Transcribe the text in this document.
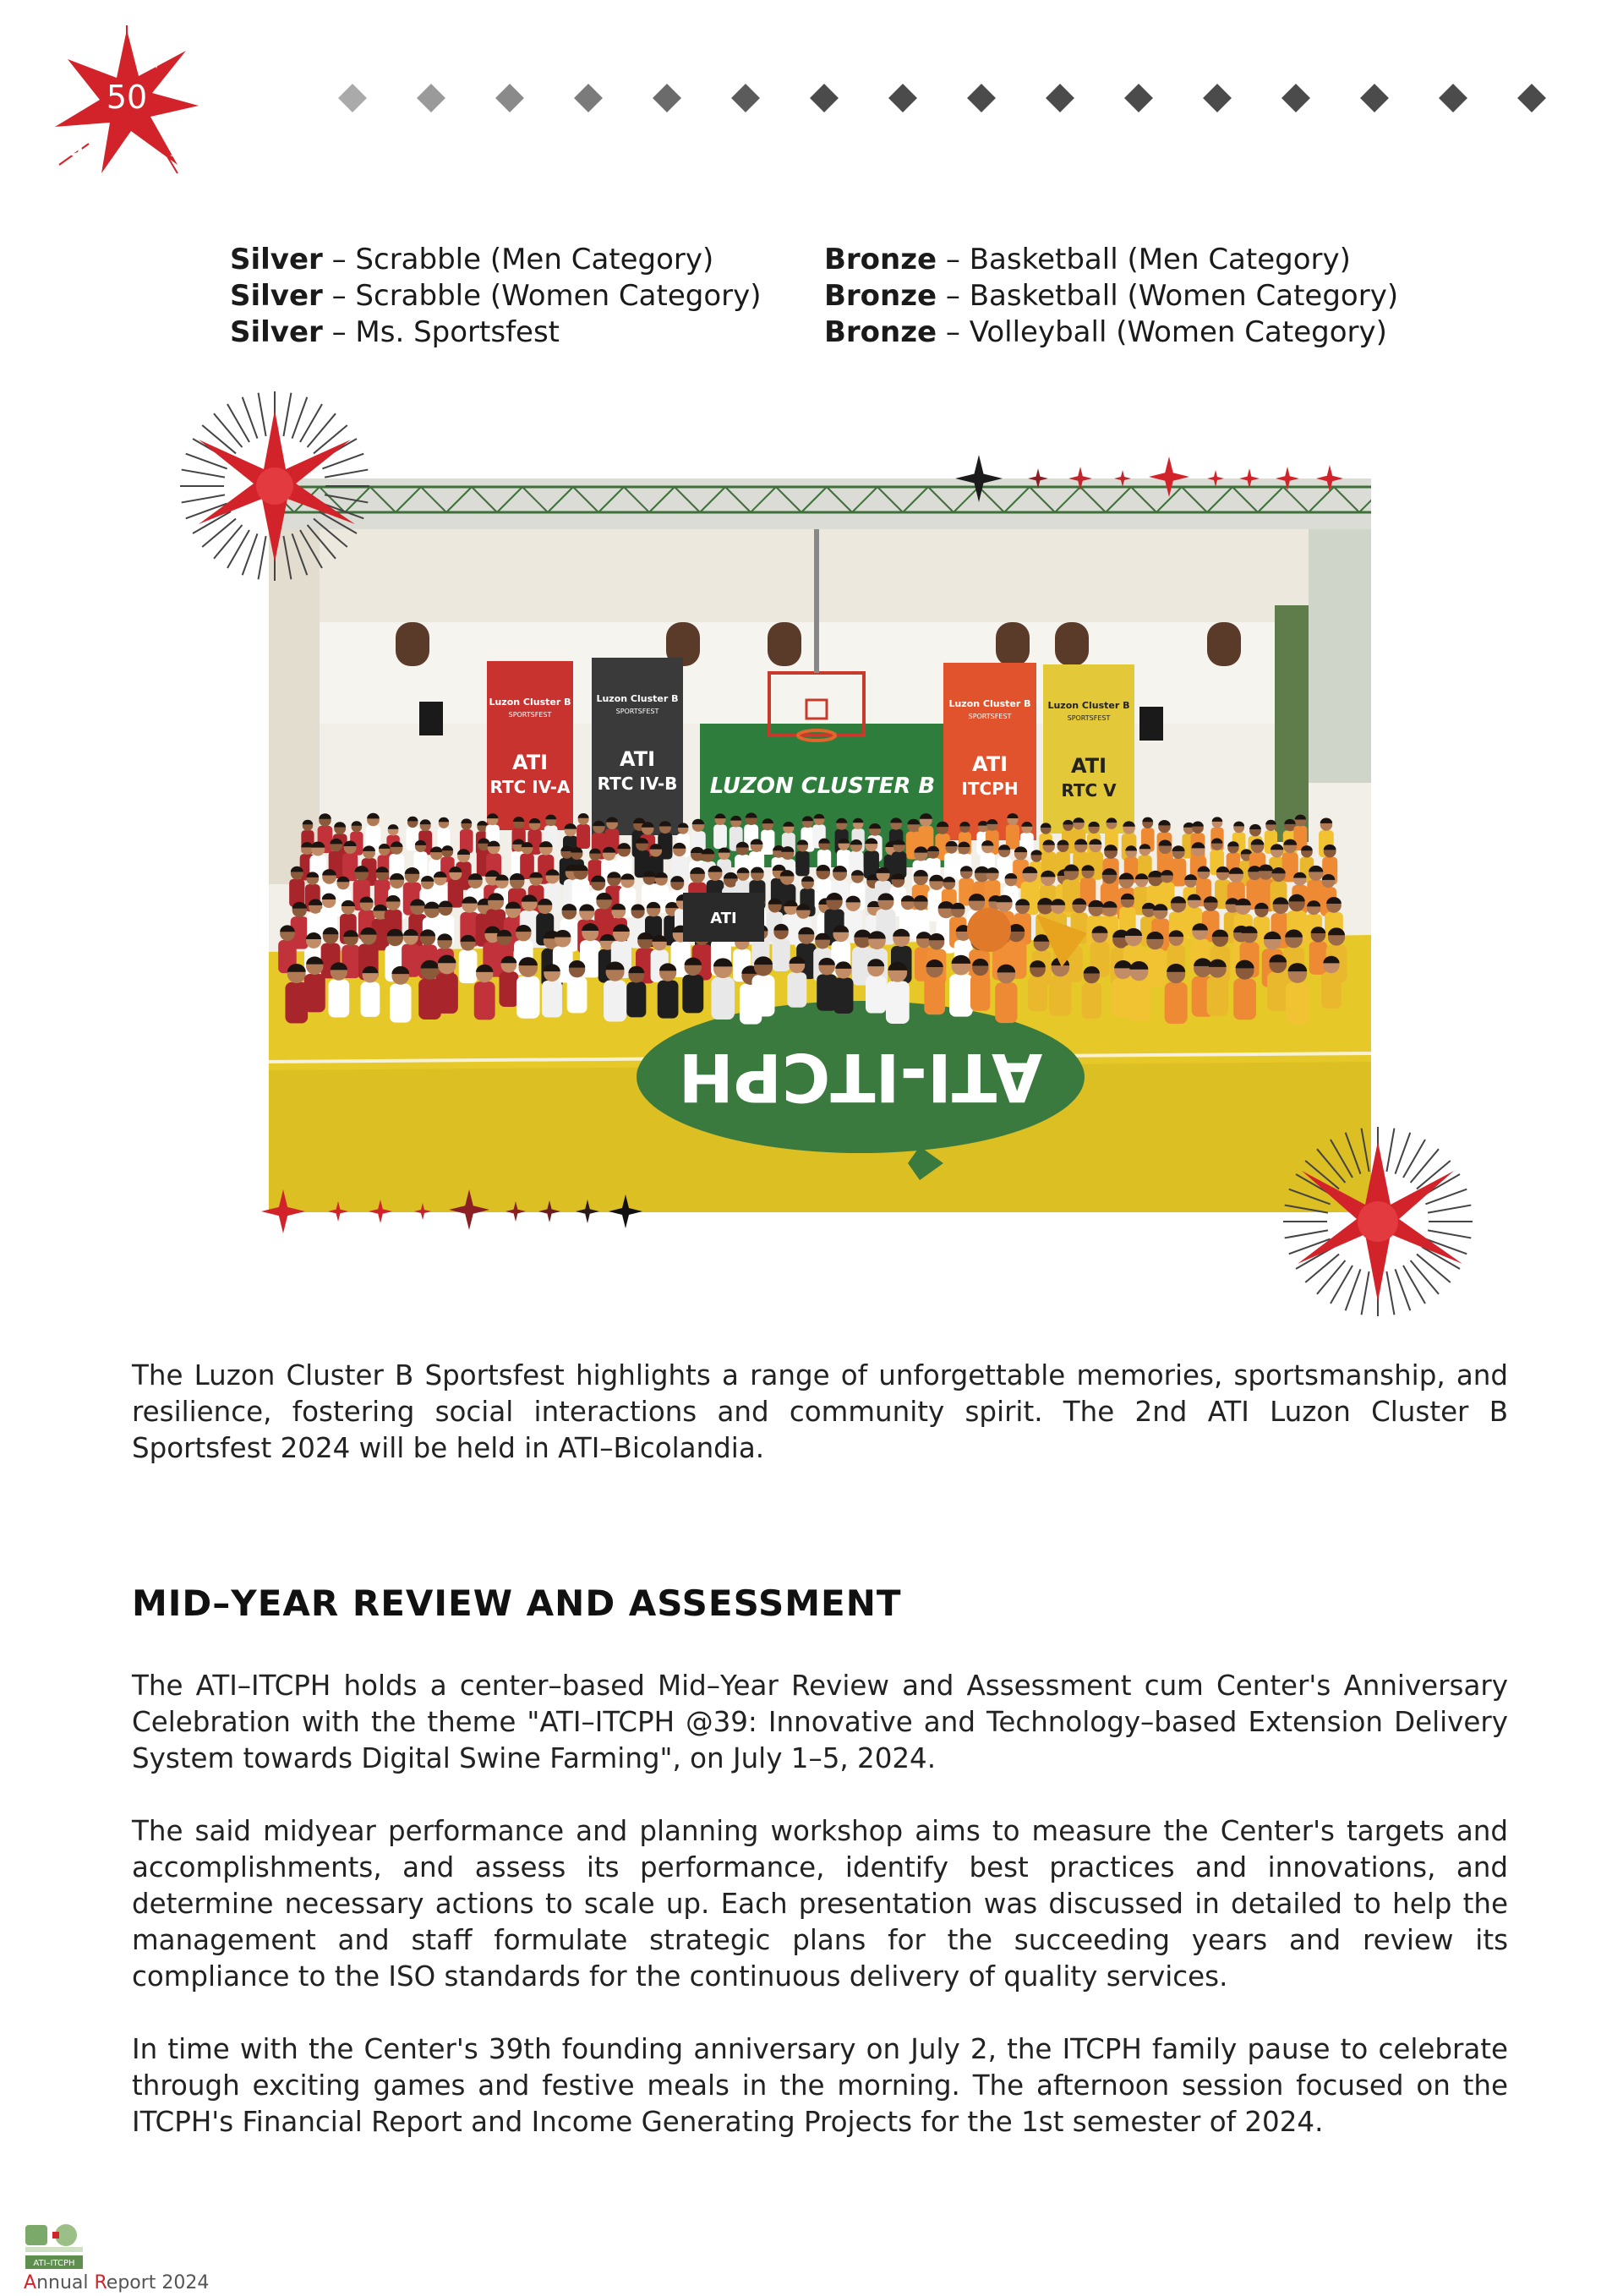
50
Silver – Scrabble (Men Category)
Silver – Scrabble (Women Category)
Silver – Ms. Sportsfest
Bronze – Basketball (Men Category)
Bronze – Basketball (Women Category)
Bronze – Volleyball (Women Category)
LUZON CLUSTER B
Luzon Cluster B
SPORTSFEST
ATI
RTC IV-A
Luzon Cluster B
SPORTSFEST
ATI
RTC IV-B
Luzon Cluster B
SPORTSFEST
ATI
ITCPH
Luzon Cluster B
SPORTSFEST
ATI
RTC V
ATI-ITCPH
ATI

The Luzon Cluster B Sportsfest highlights a range of unforgettable memories, sportsmanship, and resilience, fostering social interactions and community spirit. The 2nd ATI Luzon Cluster B Sportsfest 2024 will be held in ATI–Bicolandia.

MID–YEAR REVIEW AND ASSESSMENT

The ATI–ITCPH holds a center–based Mid–Year Review and Assessment cum Center's Anniversary Celebration with the theme "ATI–ITCPH @39: Innovative and Technology–based Extension Delivery System towards Digital Swine Farming", on July 1–5, 2024.

The said midyear performance and planning workshop aims to measure the Center's targets and accomplishments, and assess its performance, identify best practices and innovations, and determine necessary actions to scale up. Each presentation was discussed in detailed to help the management and staff formulate strategic plans for the succeeding years and review its compliance to the ISO standards for the continuous delivery of quality services.

In time with the Center's 39th founding anniversary on July 2, the ITCPH family pause to celebrate through exciting games and festive meals in the morning. The afternoon session focused on the ITCPH's Financial Report and Income Generating Projects for the 1st semester of 2024.

ATI–ITCPH
Annual Report 2024
